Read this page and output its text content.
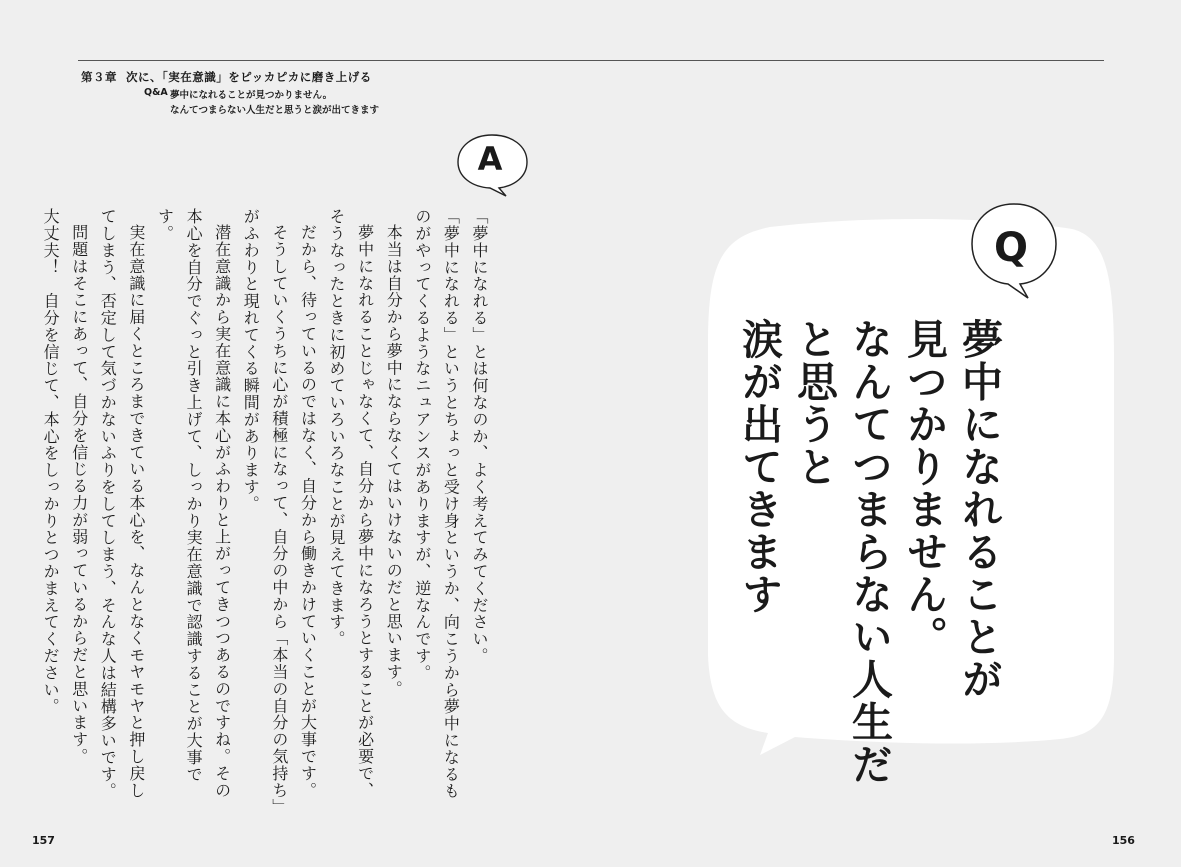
第３章 次に、「実在意識」をピッカピカに磨き上げる
Q&A 夢中になれることが見つかりません。
なんてつまらない人生だと思うと涙が出てきます
A

「夢中になれる」とは何なのか、よく考えてみてください。

「夢中になれる」というとちょっと受け身というか、向こうから夢中になるものがやってくるようなニュアンスがありますが、逆なんです。

本当は自分から夢中にならなくてはいけないのだと思います。

夢中になれることじゃなくて、自分から夢中になろうとすることが必要で、そうなったときに初めていろいろなことが見えてきます。

だから、待っているのではなく、自分から働きかけていくことが大事です。

そうしていくうちに心が積極になって、自分の中から「本当の自分の気持ち」がふわりと現れてくる瞬間があります。

潜在意識から実在意識に本心がふわりと上がってきつつあるのですね。その本心を自分でぐっと引き上げて、しっかり実在意識で認識することが大事です。

実在意識に届くところまできている本心を、なんとなくモヤモヤと押し戻してしまう、否定して気づかないふりをしてしまう、そんな人は結構多いです。

問題はそこにあって、自分を信じる力が弱っているからだと思います。

大丈夫！　自分を信じて、本心をしっかりとつかまえてください。	Q
夢中になれることが
見つかりません。
なんてつまらない人生だ
と思うと
涙が出てきます
157	156
